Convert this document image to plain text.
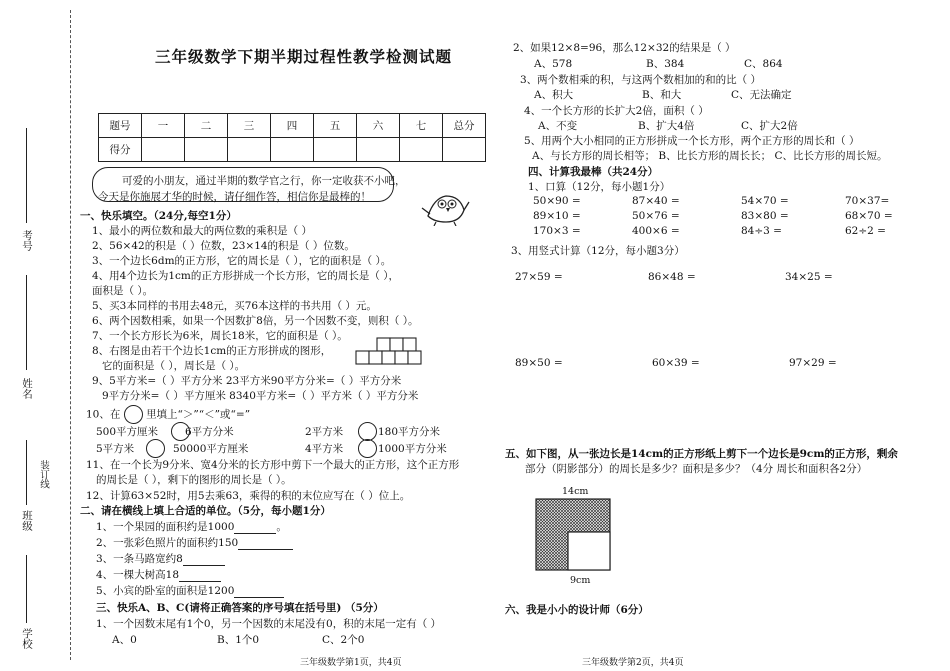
考号
姓名
装订线
班级
学校
三年级数学下期半期过程性教学检测试题
题号	一	二	三	四	五	六	七	总分
得分								
可爱的小朋友，通过半期的数学官之行，你一定收获不小吧，
今天是你施展才华的时候，请仔细作答，相信你是最棒的！
一、快乐填空。（24分,每空1分）
1、最小的两位数和最大的两位数的乘积是（ ）
2、56×42的积是（ ）位数，23×14的积是（ ）位数。
3、一个边长6dm的正方形，它的周长是（ ），它的面积是（ ）。
4、用4个边长为1cm的正方形拼成一个长方形，它的周长是（ ），
面积是（ ）。
5、买3本同样的书用去48元，买76本这样的书共用（ ）元。
6、两个因数相乘，如果一个因数扩8倍，另一个因数不变，则积（ ）。
7、一个长方形长为6米，周长18米，它的面积是（ ）。
8、右图是由若干个边长1cm的正方形拼成的图形，
它的面积是（ ），周长是（ ）。
9、5平方米=（ ）平方分米 23平方米90平方分米=（ ）平方分米
9平方分米=（ ）平方厘米 8340平方米=（ ）平方米（ ）平方分米
10、在 里填上“＞”“＜”或“=”
500平方厘米	6平方分米	2平方米	180平方分米
5平方米	50000平方厘米	4平方米	1000平方分米
11、在一个长为9分米、宽4分米的长方形中剪下一个最大的正方形，这个正方形
的周长是（ ），剩下的图形的周长是（ ）。
12、计算63×52时，用5去乘63，乘得的积的末位应写在（ ）位上。
二、请在横线上填上合适的单位。（5分，每小题1分）
1、一个果园的面积约是1000	。
2、一张彩色照片的面积约150
3、一条马路宽约8
4、一棵大树高18
5、小宾的卧室的面积是1200
三、快乐A、B、C(请将正确答案的序号填在括号里) （5分）
1、一个因数末尾有1个0，另一个因数的末尾没有0，积的末尾一定有（ ）
A、0	B、1个0	C、2个0
三年级数学第1页，共4页
2、如果12×8=96，那么12×32的结果是（ ）
A、578	B、384	C、864
3、两个数相乘的积，与这两个数相加的和的比（ ）
A、积大	B、和大	C、无法确定
4、一个长方形的长扩大2倍，面积（ ）
A、不变	B、扩大4倍	C、扩大2倍
5、用两个大小相同的正方形拼成一个长方形，两个正方形的周长和（ ）
A、与长方形的周长相等； B、比长方形的周长长； C、比长方形的周长短。
四、计算我最棒（共24分）
1、口算（12分，每小题1分）
50×90 =	87×40 =	54×70 =	70×37=
89×10 =	50×76 =	83×80 =	68×70 =
170×3 =	400×6 =	84÷3 =	62÷2 =
3、用竖式计算（12分，每小题3分）
27×59 =	86×48 =	34×25 =
89×50 =	60×39 =	97×29 =
五、如下图，从一张边长是14cm的正方形纸上剪下一个边长是9cm的正方形，剩余
部分（阴影部分）的周长是多少？面积是多少？（4分 周长和面积各2分）
14cm
9cm
六、我是小小的设计师（6分）
三年级数学第2页，共4页
